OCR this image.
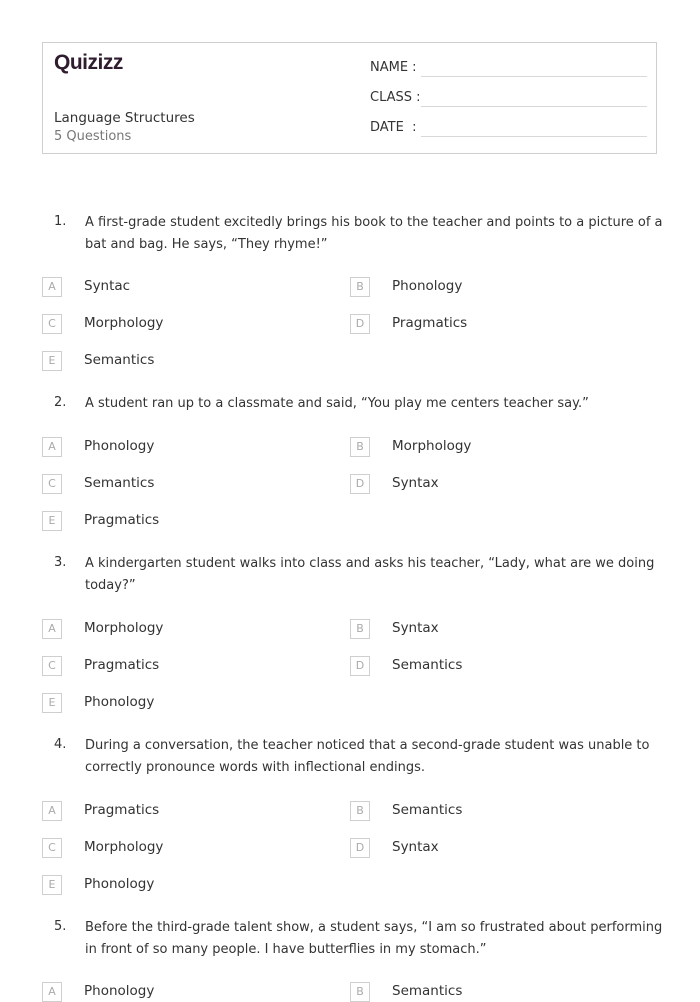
Quizizz
Language Structures
5 Questions
NAME :
CLASS :
DATE  :
1. A first-grade student excitedly brings his book to the teacher and points to a picture of a bat and bag. He says, “They rhyme!”
A	Syntac	B	Phonology
C	Morphology	D	Pragmatics
E	Semantics
2. A student ran up to a classmate and said, “You play me centers teacher say.”
A	Phonology	B	Morphology
C	Semantics	D	Syntax
E	Pragmatics
3. A kindergarten student walks into class and asks his teacher, “Lady, what are we doing today?”
A	Morphology	B	Syntax
C	Pragmatics	D	Semantics
E	Phonology
4. During a conversation, the teacher noticed that a second-grade student was unable to correctly pronounce words with inflectional endings.
A	Pragmatics	B	Semantics
C	Morphology	D	Syntax
E	Phonology
5. Before the third-grade talent show, a student says, “I am so frustrated about performing in front of so many people. I have butterflies in my stomach.”
A	Phonology	B	Semantics
